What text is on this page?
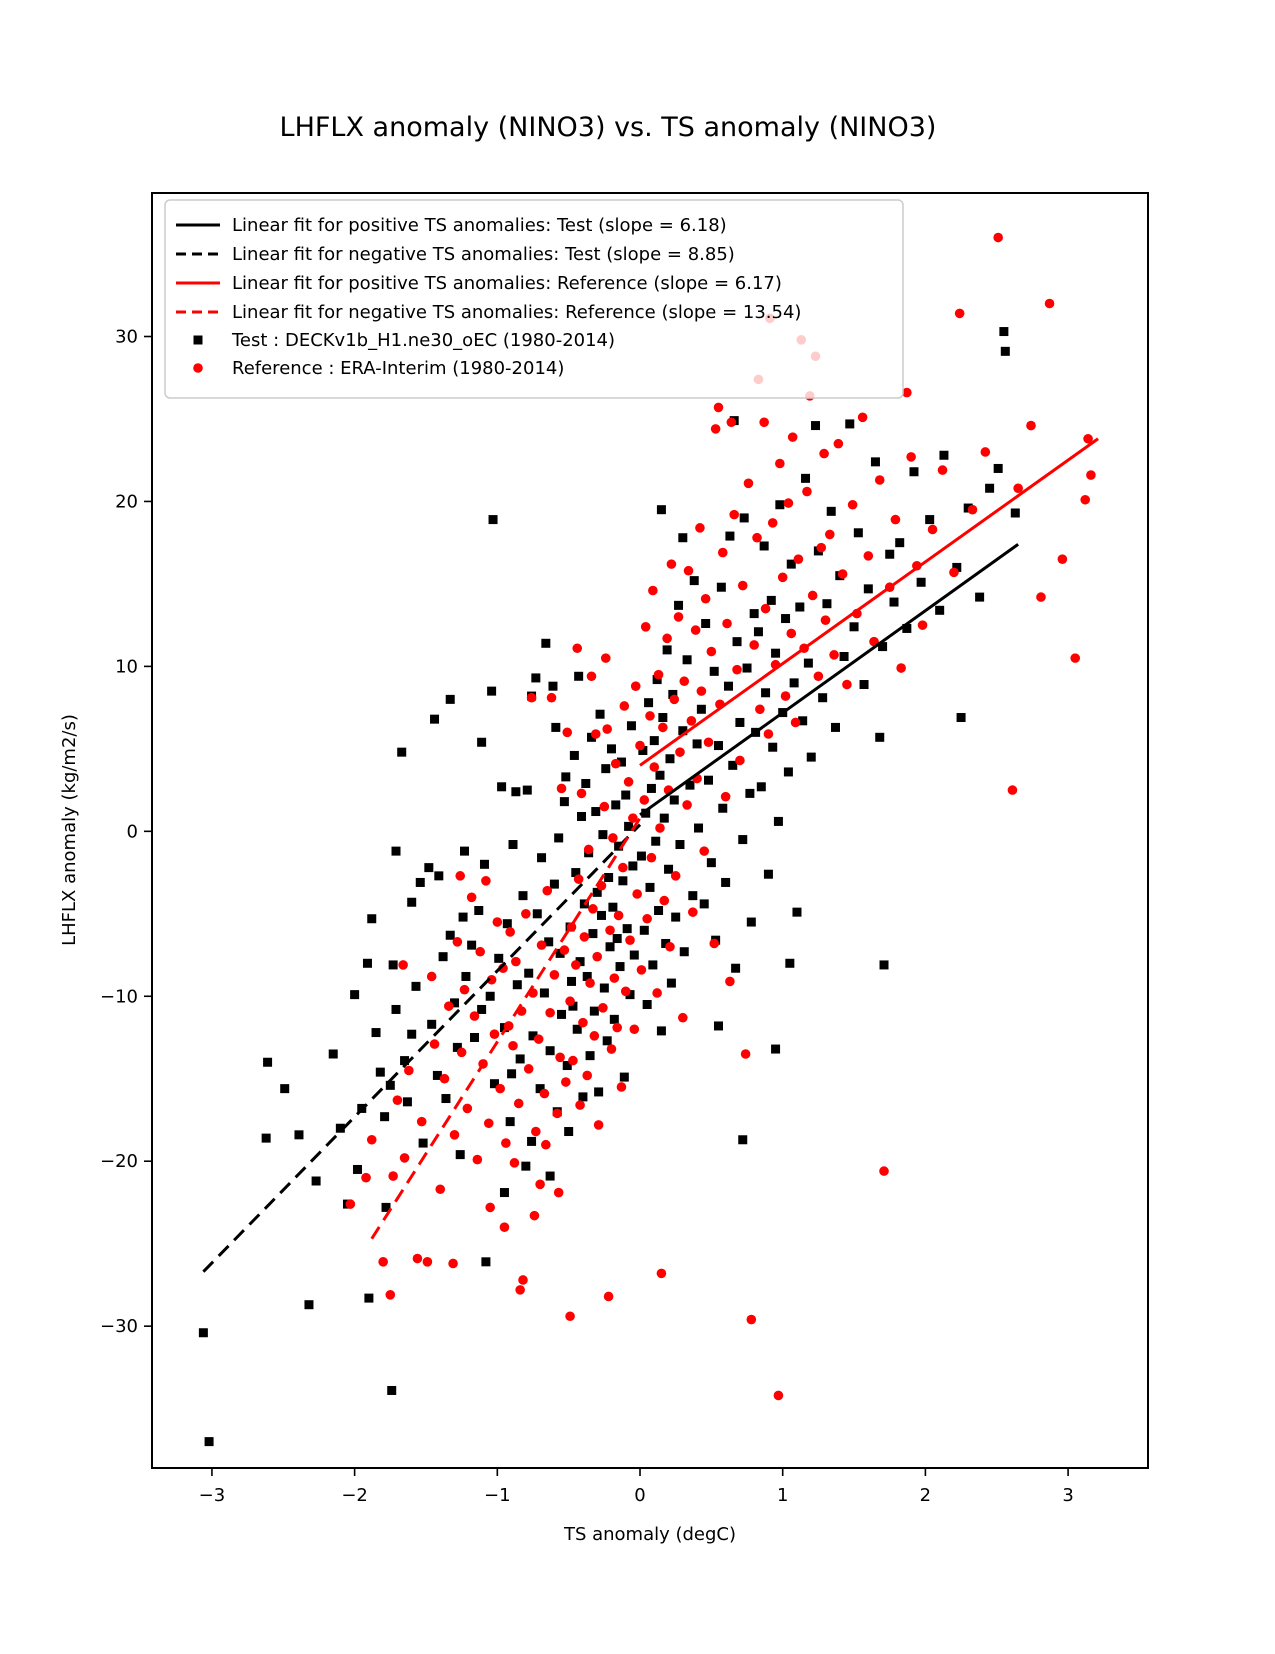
LHFLX anomaly (NINO3) vs. TS anomaly (NINO3)
−3	−2	−1	0	1	2	3
−30
−20
−10
0
10
20
30
Linear fit for positive TS anomalies: Test (slope = 6.18)
Linear fit for negative TS anomalies: Test (slope = 8.85)
Linear fit for positive TS anomalies: Reference (slope = 6.17)
Linear fit for negative TS anomalies: Reference (slope = 13.54)
Test : DECKv1b_H1.ne30_oEC (1980-2014)
Reference : ERA-Interim (1980-2014)
TS anomaly (degC)
LHFLX anomaly (kg/m2/s)
